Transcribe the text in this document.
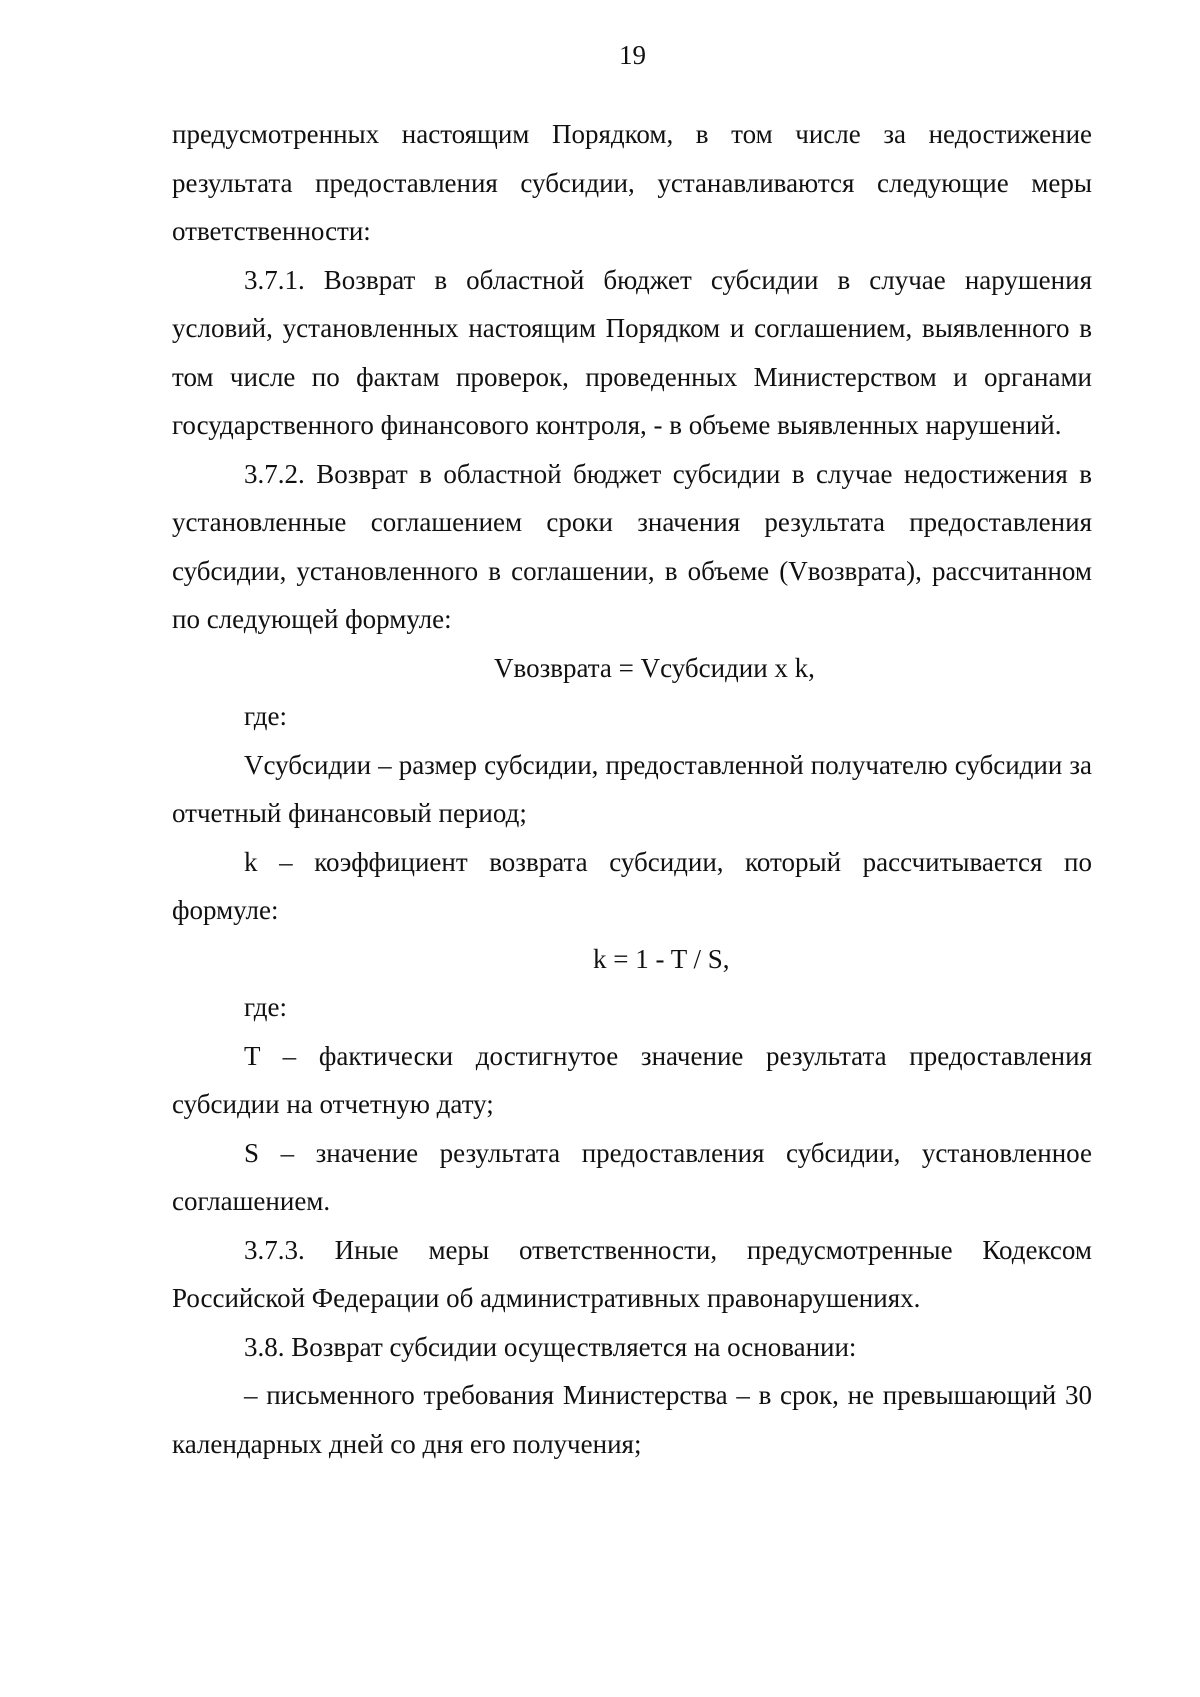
19

предусмотренных настоящим Порядком, в том числе за недостижение результата предоставления субсидии, устанавливаются следующие меры ответственности:

3.7.1. Возврат в областной бюджет субсидии в случае нарушения условий, установленных настоящим Порядком и соглашением, выявленного в том числе по фактам проверок, проведенных Министерством и органами государственного финансового контроля, - в объеме выявленных нарушений.

3.7.2. Возврат в областной бюджет субсидии в случае недостижения в установленные соглашением сроки значения результата предоставления субсидии, установленного в соглашении, в объеме (Vвозврата), рассчитанном по следующей формуле:

Vвозврата = Vсубсидии x k,

где:

Vсубсидии – размер субсидии, предоставленной получателю субсидии за отчетный финансовый период;

k – коэффициент возврата субсидии, который рассчитывается по формуле:

k = 1 - T / S,

где:

T – фактически достигнутое значение результата предоставления субсидии на отчетную дату;

S – значение результата предоставления субсидии, установленное соглашением.

3.7.3. Иные меры ответственности, предусмотренные Кодексом Российской Федерации об административных правонарушениях.

3.8. Возврат субсидии осуществляется на основании:

– письменного требования Министерства – в срок, не превышающий 30 календарных дней со дня его получения;
